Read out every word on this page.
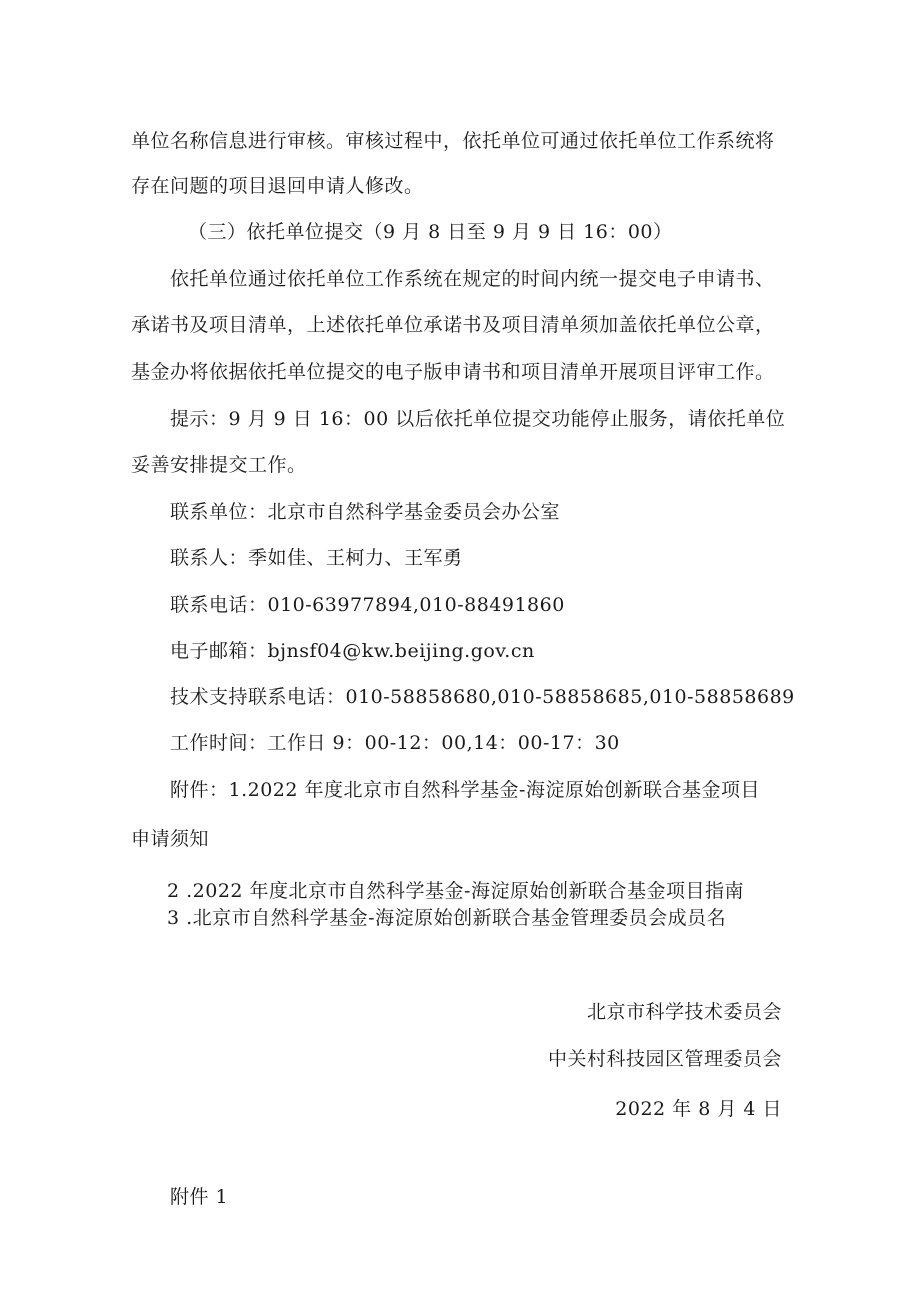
单位名称信息进行审核。审核过程中，依托单位可通过依托单位工作系统将
存在问题的项目退回申请人修改。
（三）依托单位提交（9 月 8 日至 9 月 9 日 16：00）
依托单位通过依托单位工作系统在规定的时间内统一提交电子申请书、
承诺书及项目清单，上述依托单位承诺书及项目清单须加盖依托单位公章，
基金办将依据依托单位提交的电子版申请书和项目清单开展项目评审工作。
提示：9 月 9 日 16：00 以后依托单位提交功能停止服务，请依托单位
妥善安排提交工作。
联系单位：北京市自然科学基金委员会办公室
联系人：季如佳、王柯力、王军勇
联系电话：010-63977894,010-88491860
电子邮箱：bjnsf04@kw.beijing.gov.cn
技术支持联系电话：010-58858680,010-58858685,010-58858689
工作时间：工作日 9：00-12：00,14：00-17：30
附件：1.2022 年度北京市自然科学基金-海淀原始创新联合基金项目
申请须知
2 .2022 年度北京市自然科学基金-海淀原始创新联合基金项目指南
3 .北京市自然科学基金-海淀原始创新联合基金管理委员会成员名
北京市科学技术委员会
中关村科技园区管理委员会
2022 年 8 月 4 日
附件 1
